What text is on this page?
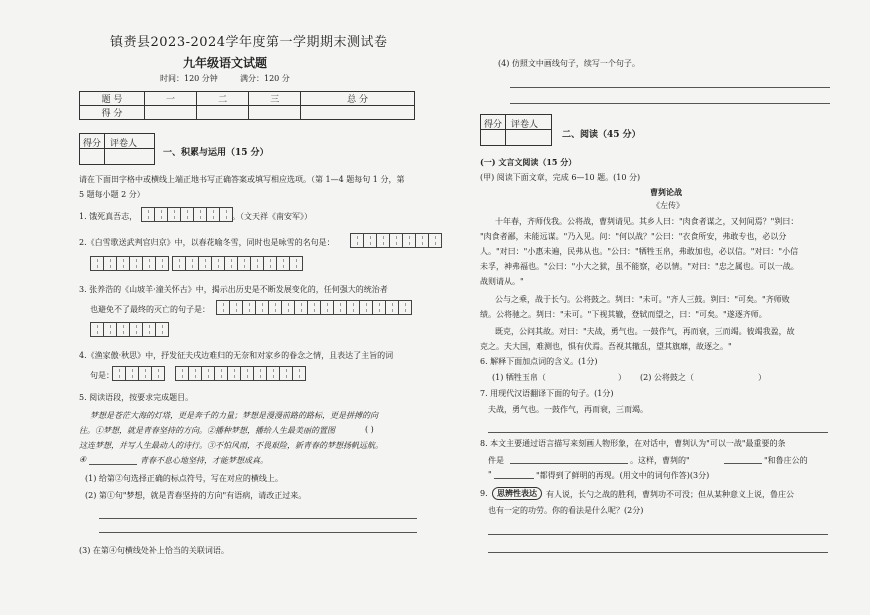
镇赉县2023-2024学年度第一学期期末测试卷
九年级语文试题
时间：120 分钟	满分：120 分
题 号	一	二	三	总 分
得 分				
得分 评卷人
一、积累与运用（15 分）
请在下面田字格中或横线上端正地书写正确答案或填写相应选项。（第 1—4 题每句 1 分，第
5 题每小题 2 分）
1. 饿死真吾志，	。（文天祥《南安军》）
2.《白雪歌送武判官归京》中，以春花喻冬雪，同时也是咏雪的名句是：
3. 张养浩的《山坡羊·潼关怀古》中，揭示出历史是不断发展变化的，任何强大的统治者
也避免不了最终的灭亡的句子是：
4.《渔家傲·秋思》中，抒发征夫戌边难归的无奈和对家乡的眷念之情，且表达了主旨的词
句是：
5. 阅读语段，按要求完成题目。
梦想是苍茫大海的灯塔，更是奔千的力量；梦想是漫漫前路的路标，更是拼搏的向
往。①梦想，就是青春坚持的方向。②播种梦想，播给人生最美丽的置图	( )
这连梦想，并写人生最动人的诗行。③不怕风雨，不畏艰险，新青春的梦想扬帆远航。
④	青春不息心地坚持，才能梦想成真。
(1) 给第②句选择正确的标点符号，写在对应的横线上。
(2) 第①句"梦想，就是青春坚持的方向"有语病，请改正过来。
(3) 在第④句横线处补上恰当的关联词语。
(4) 仿照文中画线句子，续写一个句子。
得分 评卷人
二、阅读（45 分）
(一) 文言文阅读（15 分）
(甲) 阅读下面文章，完成 6—10 题。(10 分)
曹刿论战
《左传》
十年春，齐师伐我。公将战，曹刿请见。其乡人曰："肉食者谋之，又何间焉？"刿曰：
"肉食者鄙，未能远谋。"乃入见。问："何以战？"公曰："衣食所安，弗敢专也，必以分
人。"对曰："小惠未遍，民弗从也。"公曰："牺牲玉帛，弗敢加也，必以信。"对曰："小信
未孚，神弗福也。"公曰："小大之狱，虽不能察，必以情。"对曰："忠之属也。可以一战。
战则请从。"
公与之乘，战于长勺。公将鼓之。刿曰："未可。"齐人三鼓。刿曰："可矣。"齐师败
绩。公将驰之。刿曰："未可。"下视其辙，登轼而望之，曰："可矣。"遂逐齐师。
既克，公问其故。对曰："夫战，勇气也。一鼓作气，再而衰，三而竭。彼竭我盈，故
克之。夫大国，难测也，惧有伏焉。吾视其辙乱，望其旗靡，故逐之。"
6. 解释下面加点词的含义。(1分)
(1) 牺牲玉帛（	） (2) 公将鼓之（	）
7. 用现代汉语翻译下面的句子。(1分)
夫战，勇气也。一鼓作气，再而衰，三而竭。
8. 本文主要通过语言描写来刻画人物形象，在对话中，曹刿认为"可以一战"最重要的条
件是	。这样，曹刿的"	"和鲁庄公的
"	"都得到了鲜明的再现。(用文中的词句作答)(3分)
9.	思辨性表达	有人说，长勺之战的胜利，曹刿功不可没；但从某种意义上说，鲁庄公
也有一定的功劳。你的看法是什么呢？(2分)
